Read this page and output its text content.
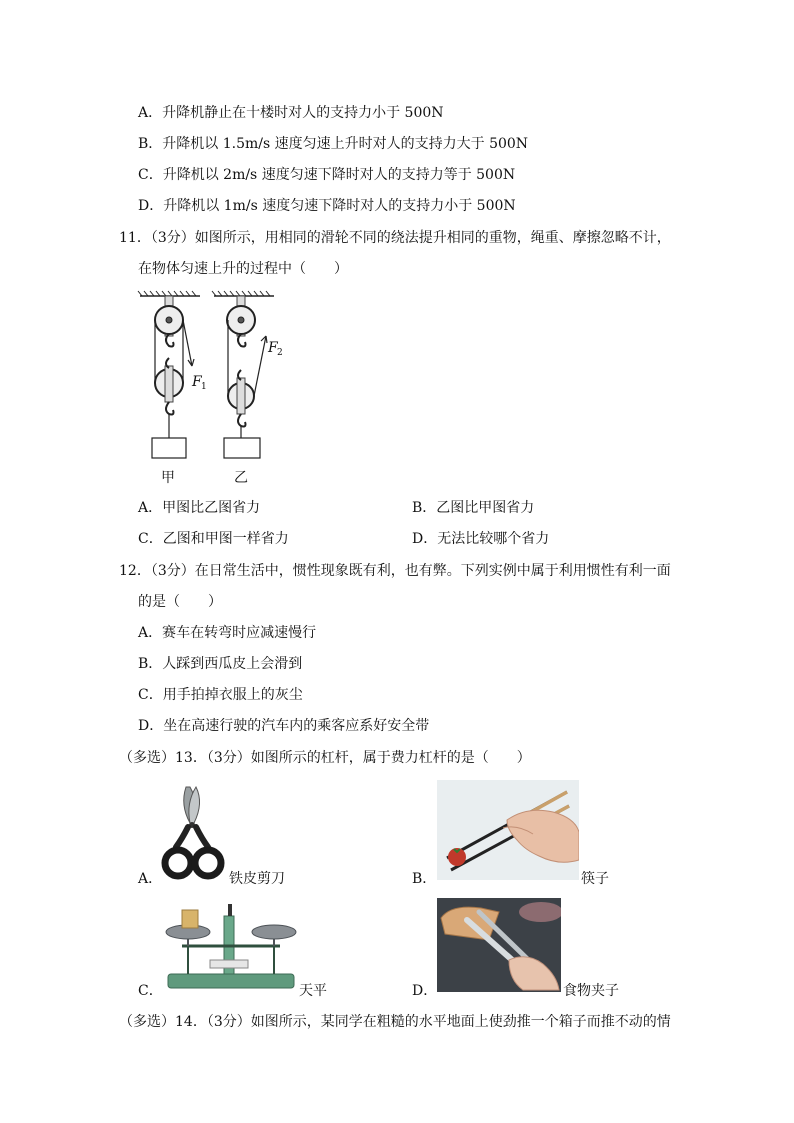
A．升降机静止在十楼时对人的支持力小于 500N
B．升降机以 1.5m/s 速度匀速上升时对人的支持力大于 500N
C．升降机以 2m/s 速度匀速下降时对人的支持力等于 500N
D．升降机以 1m/s 速度匀速下降时对人的支持力小于 500N
11．（3分）如图所示，用相同的滑轮不同的绕法提升相同的重物，绳重、摩擦忽略不计，
在物体匀速上升的过程中（　　）
F 1
F 2
甲	乙
A．甲图比乙图省力	B．乙图比甲图省力
C．乙图和甲图一样省力	D．无法比较哪个省力
12．（3分）在日常生活中，惯性现象既有利，也有弊。下列实例中属于利用惯性有利一面
的是（　　）
A．赛车在转弯时应减速慢行
B．人踩到西瓜皮上会滑到
C．用手拍掉衣服上的灰尘
D．坐在高速行驶的汽车内的乘客应系好安全带
（多选）13．（3分）如图所示的杠杆，属于费力杠杆的是（　　）
A．	铁皮剪刀	B．	筷子
C．	天平	D．	食物夹子
（多选）14．（3分）如图所示，某同学在粗糙的水平地面上使劲推一个箱子而推不动的情
